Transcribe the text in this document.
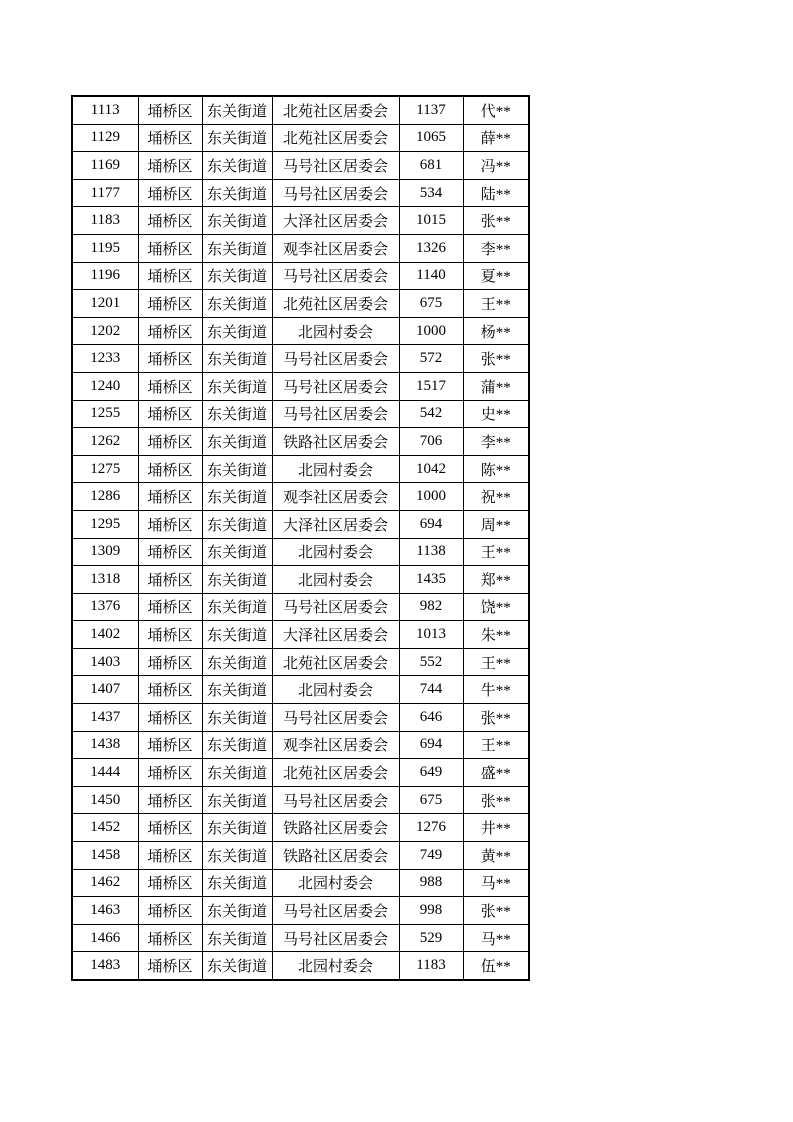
1113	埇桥区	东关街道	北苑社区居委会	1137	代**
1129	埇桥区	东关街道	北苑社区居委会	1065	薛**
1169	埇桥区	东关街道	马号社区居委会	681	冯**
1177	埇桥区	东关街道	马号社区居委会	534	陆**
1183	埇桥区	东关街道	大泽社区居委会	1015	张**
1195	埇桥区	东关街道	观李社区居委会	1326	李**
1196	埇桥区	东关街道	马号社区居委会	1140	夏**
1201	埇桥区	东关街道	北苑社区居委会	675	王**
1202	埇桥区	东关街道	北园村委会	1000	杨**
1233	埇桥区	东关街道	马号社区居委会	572	张**
1240	埇桥区	东关街道	马号社区居委会	1517	蒲**
1255	埇桥区	东关街道	马号社区居委会	542	史**
1262	埇桥区	东关街道	铁路社区居委会	706	李**
1275	埇桥区	东关街道	北园村委会	1042	陈**
1286	埇桥区	东关街道	观李社区居委会	1000	祝**
1295	埇桥区	东关街道	大泽社区居委会	694	周**
1309	埇桥区	东关街道	北园村委会	1138	王**
1318	埇桥区	东关街道	北园村委会	1435	郑**
1376	埇桥区	东关街道	马号社区居委会	982	饶**
1402	埇桥区	东关街道	大泽社区居委会	1013	朱**
1403	埇桥区	东关街道	北苑社区居委会	552	王**
1407	埇桥区	东关街道	北园村委会	744	牛**
1437	埇桥区	东关街道	马号社区居委会	646	张**
1438	埇桥区	东关街道	观李社区居委会	694	王**
1444	埇桥区	东关街道	北苑社区居委会	649	盛**
1450	埇桥区	东关街道	马号社区居委会	675	张**
1452	埇桥区	东关街道	铁路社区居委会	1276	井**
1458	埇桥区	东关街道	铁路社区居委会	749	黄**
1462	埇桥区	东关街道	北园村委会	988	马**
1463	埇桥区	东关街道	马号社区居委会	998	张**
1466	埇桥区	东关街道	马号社区居委会	529	马**
1483	埇桥区	东关街道	北园村委会	1183	伍**
